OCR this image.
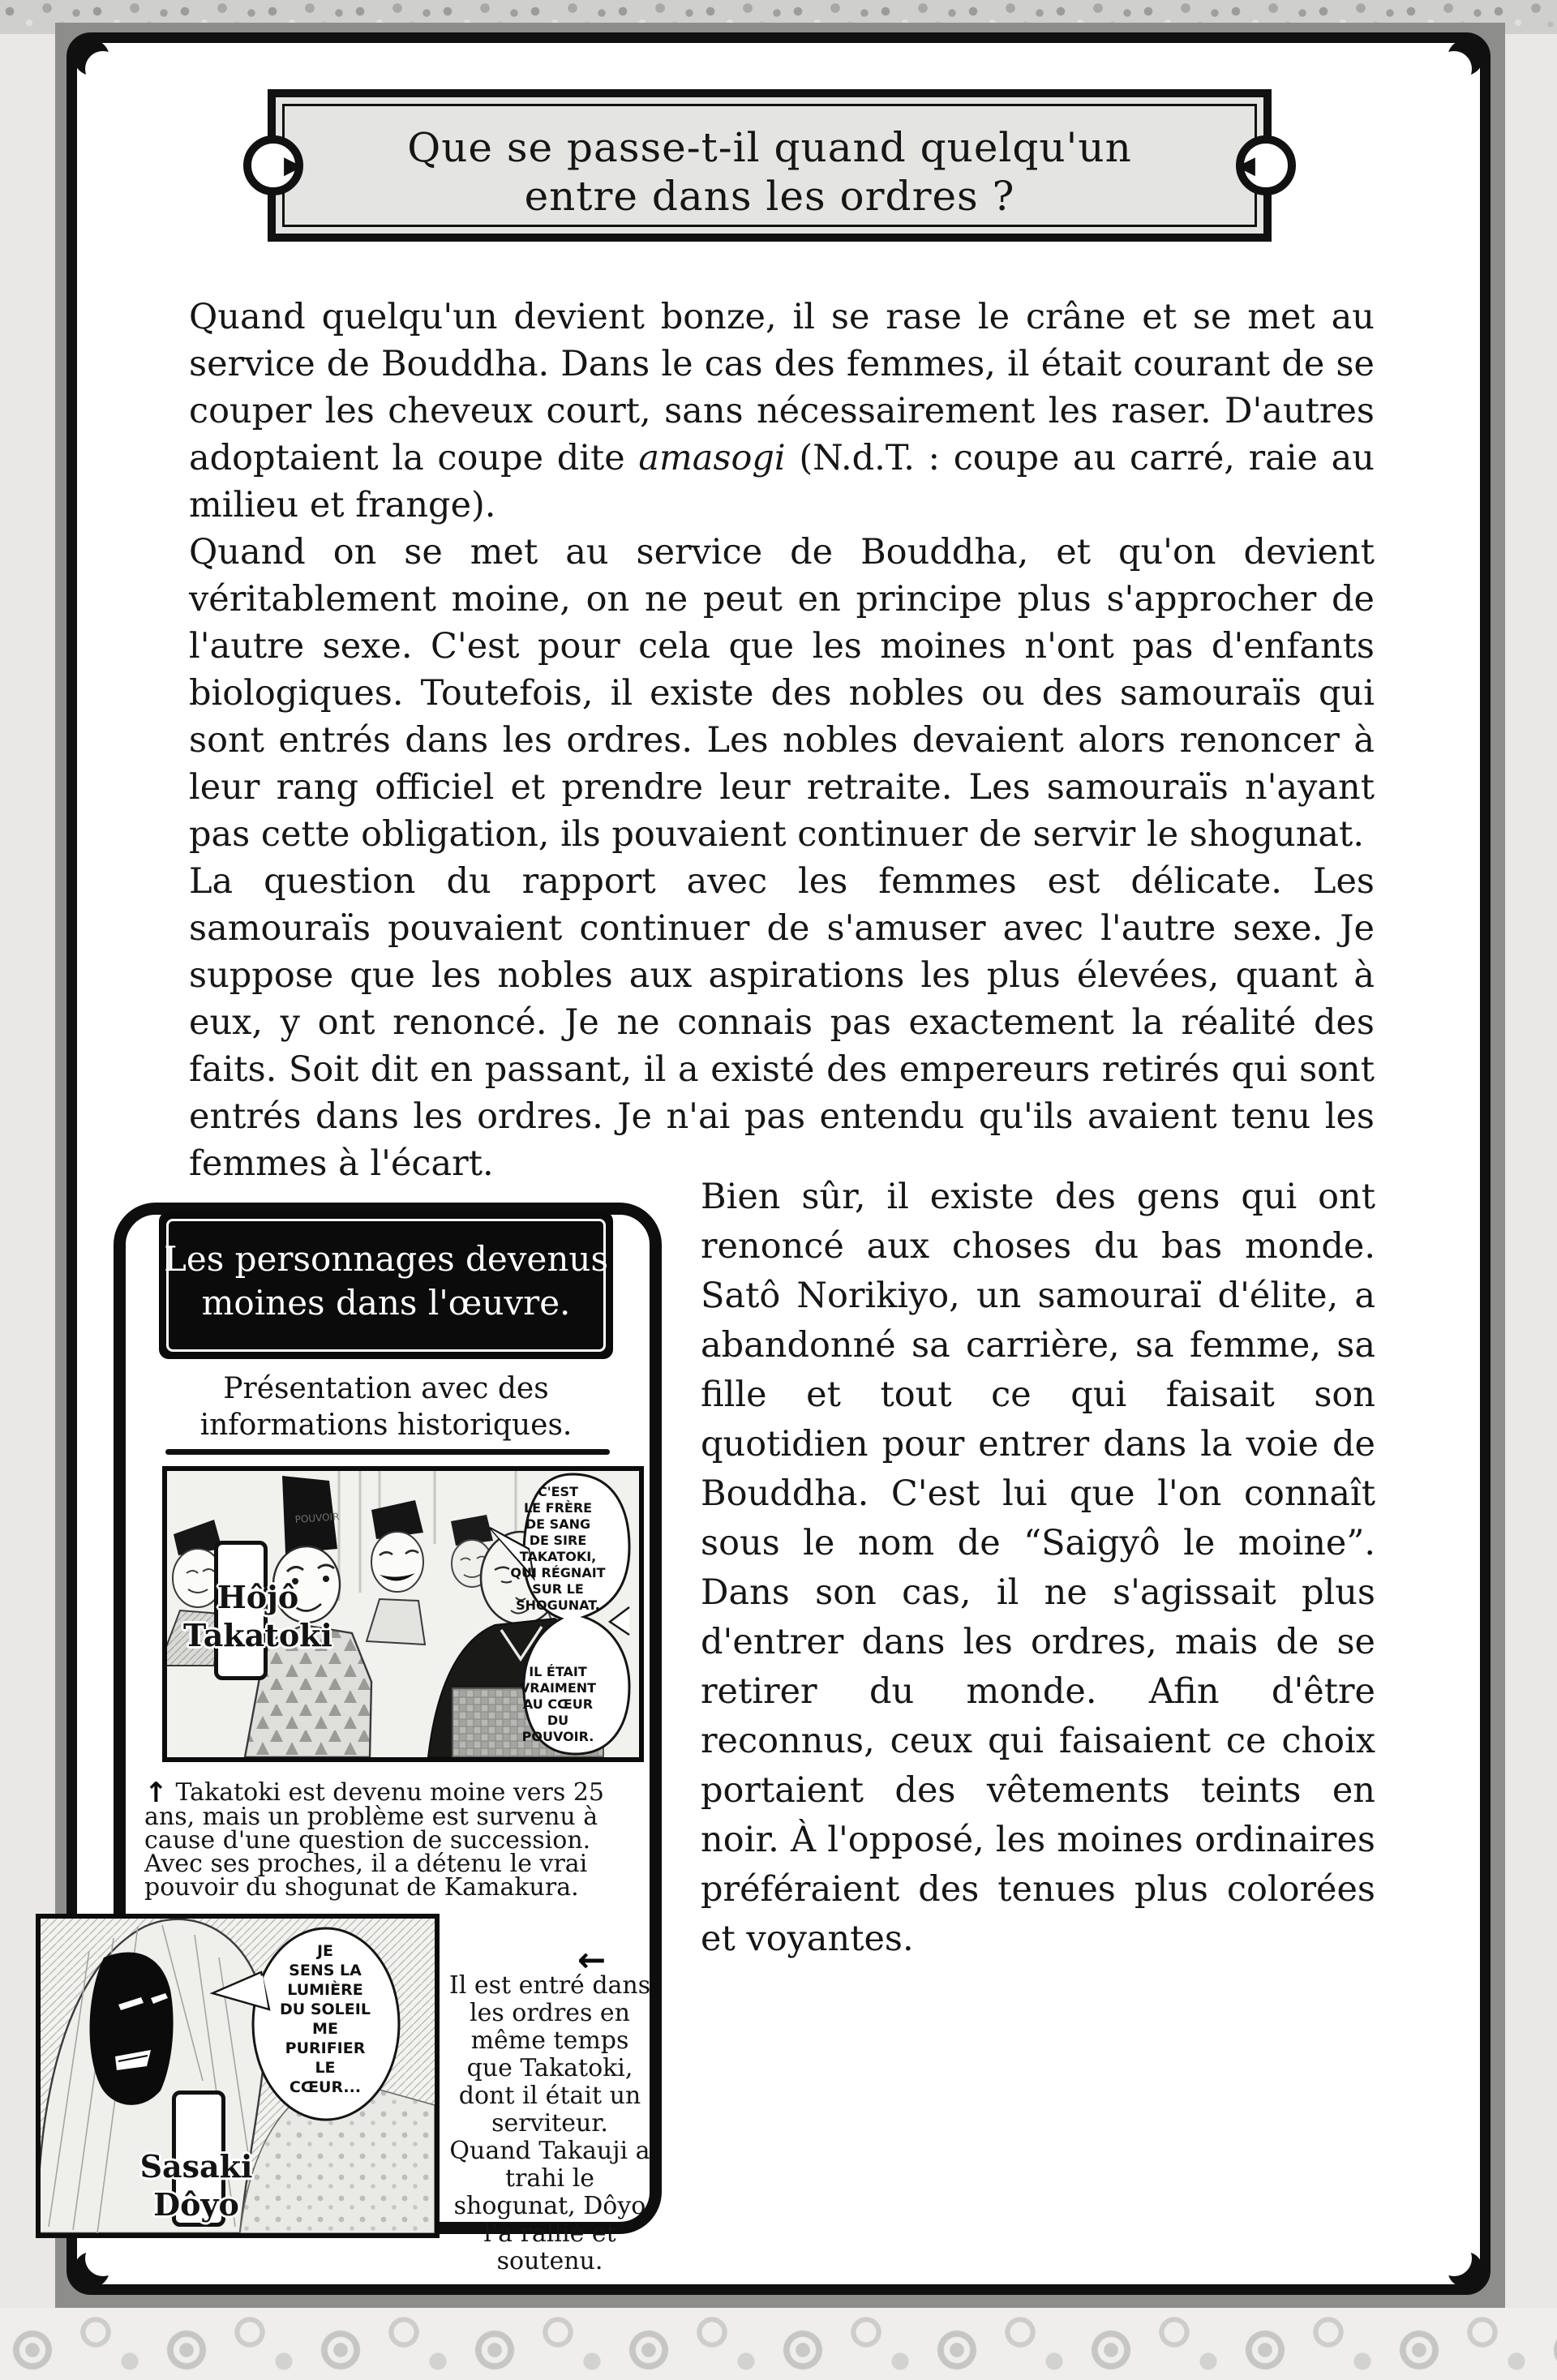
▶	◀
Que se passe-t-il quand quelqu'un
entre dans les ordres ?

Quand quelqu'un devient bonze, il se rase le crâne et se met au service de Bouddha. Dans le cas des femmes, il était courant de se couper les cheveux court, sans nécessairement les raser. D'autres adoptaient la coupe dite amasogi (N.d.T. : coupe au carré, raie au milieu et frange).

Quand on se met au service de Bouddha, et qu'on devient véritablement moine, on ne peut en principe plus s'approcher de l'autre sexe. C'est pour cela que les moines n'ont pas d'enfants biologiques. Toutefois, il existe des nobles ou des samouraïs qui sont entrés dans les ordres. Les nobles devaient alors renoncer à leur rang officiel et prendre leur retraite. Les samouraïs n'ayant pas cette obligation, ils pouvaient continuer de servir le shogunat.

La question du rapport avec les femmes est délicate. Les samouraïs pouvaient continuer de s'amuser avec l'autre sexe. Je suppose que les nobles aux aspirations les plus élevées, quant à eux, y ont renoncé. Je ne connais pas exactement la réalité des faits. Soit dit en passant, il a existé des empereurs retirés qui sont entrés dans les ordres. Je n'ai pas entendu qu'ils avaient tenu les femmes à l'écart.

Bien sûr, il existe des gens qui ont renoncé aux choses du bas monde. Satô Norikiyo, un samouraï d'élite, a abandonné sa carrière, sa femme, sa fille et tout ce qui faisait son quotidien pour entrer dans la voie de Bouddha. C'est lui que l'on connaît sous le nom de “Saigyô le moine”. Dans son cas, il ne s'agissait plus d'entrer dans les ordres, mais de se retirer du monde. Afin d'être reconnus, ceux qui faisaient ce choix portaient des vêtements teints en noir. À l'opposé, les moines ordinaires préféraient des tenues plus colorées et voyantes.
Les personnages devenus
moines dans l'œuvre.
Présentation avec des
informations historiques.
POUVOIR
C'EST
LE FRÈRE
DE SANG
DE SIRE
TAKATOKI,
QUI RÉGNAIT
SUR LE
SHOGUNAT.
IL ÉTAIT
VRAIMENT
AU CŒUR
DU
POUVOIR.
Hôjô
Takatoki
↑ Takatoki est devenu moine vers 25 ans, mais un problème est survenu à cause d'une question de succession. Avec ses proches, il a détenu le vrai pouvoir du shogunat de Kamakura.
JE
SENS LA
LUMIÈRE
DU SOLEIL
ME
PURIFIER
LE
CŒUR...
Sasaki
Dôyo
←
Il est entré dans les ordres en même temps que Takatoki, dont il était un serviteur. Quand Takauji a trahi le shogunat, Dôyo l'a rallié et soutenu.
